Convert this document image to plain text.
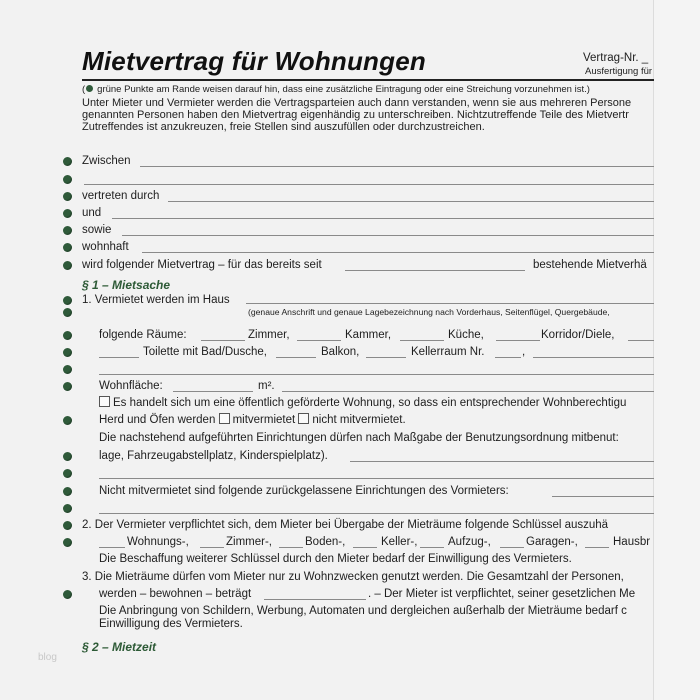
Mietvertrag für Wohnungen	Vertrag-Nr. _
Ausfertigung für
( grüne Punkte am Rande weisen darauf hin, dass eine zusätzliche Eintragung oder eine Streichung vorzunehmen ist.)
Unter Mieter und Vermieter werden die Vertragsparteien auch dann verstanden, wenn sie aus mehreren Persone
genannten Personen haben den Mietvertrag eigenhändig zu unterschreiben. Nichtzutreffende Teile des Mietvertr
Zutreffendes ist anzukreuzen, freie Stellen sind auszufüllen oder durchzustreichen.
Zwischen
vertreten durch
und
sowie
wohnhaft
wird folgender Mietvertrag – für das bereits seit	bestehende Mietverhä
§ 1 – Mietsache
1. Vermietet werden im Haus
(genaue Anschrift und genaue Lagebezeichnung nach Vorderhaus, Seitenflügel, Quergebäude,
folgende Räume:	Zimmer,	Kammer,	Küche,	Korridor/Diele,
Toilette mit Bad/Dusche,	Balkon,	Kellerraum Nr.	,
Wohnfläche:	m².
Es handelt sich um eine öffentlich geförderte Wohnung, so dass ein entsprechender Wohnberechtigu
Herd und Öfen werden mitvermietet nicht mitvermietet.
Die nachstehend aufgeführten Einrichtungen dürfen nach Maßgabe der Benutzungsordnung mitbenut:
lage, Fahrzeugabstellplatz, Kinderspielplatz).
Nicht mitvermietet sind folgende zurückgelassene Einrichtungen des Vormieters:
2. Der Vermieter verpflichtet sich, dem Mieter bei Übergabe der Mieträume folgende Schlüssel auszuhä
Wohnungs-,	Zimmer-,	Boden-,	Keller-,	Aufzug-,	Garagen-,	Hausbr
Die Beschaffung weiterer Schlüssel durch den Mieter bedarf der Einwilligung des Vermieters.
3. Die Mieträume dürfen vom Mieter nur zu Wohnzwecken genutzt werden. Die Gesamtzahl der Personen,
werden – bewohnen – beträgt	. – Der Mieter ist verpflichtet, seiner gesetzlichen Me
Die Anbringung von Schildern, Werbung, Automaten und dergleichen außerhalb der Mieträume bedarf c
Einwilligung des Vermieters.
§ 2 – Mietzeit
blog
